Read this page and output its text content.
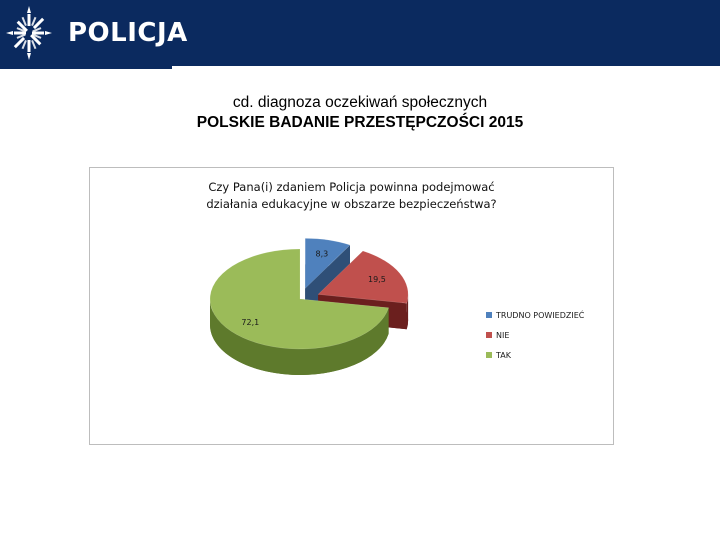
POLICJA
cd. diagnoza oczekiwań społecznych
POLSKIE BADANIE PRZESTĘPCZOŚCI 2015
8,3
19,5
72,1
Czy Pana(i) zdaniem Policja powinna podejmować
działania edukacyjne w obszarze bezpieczeństwa?
TRUDNO POWIEDZIEĆ
NIE
TAK
